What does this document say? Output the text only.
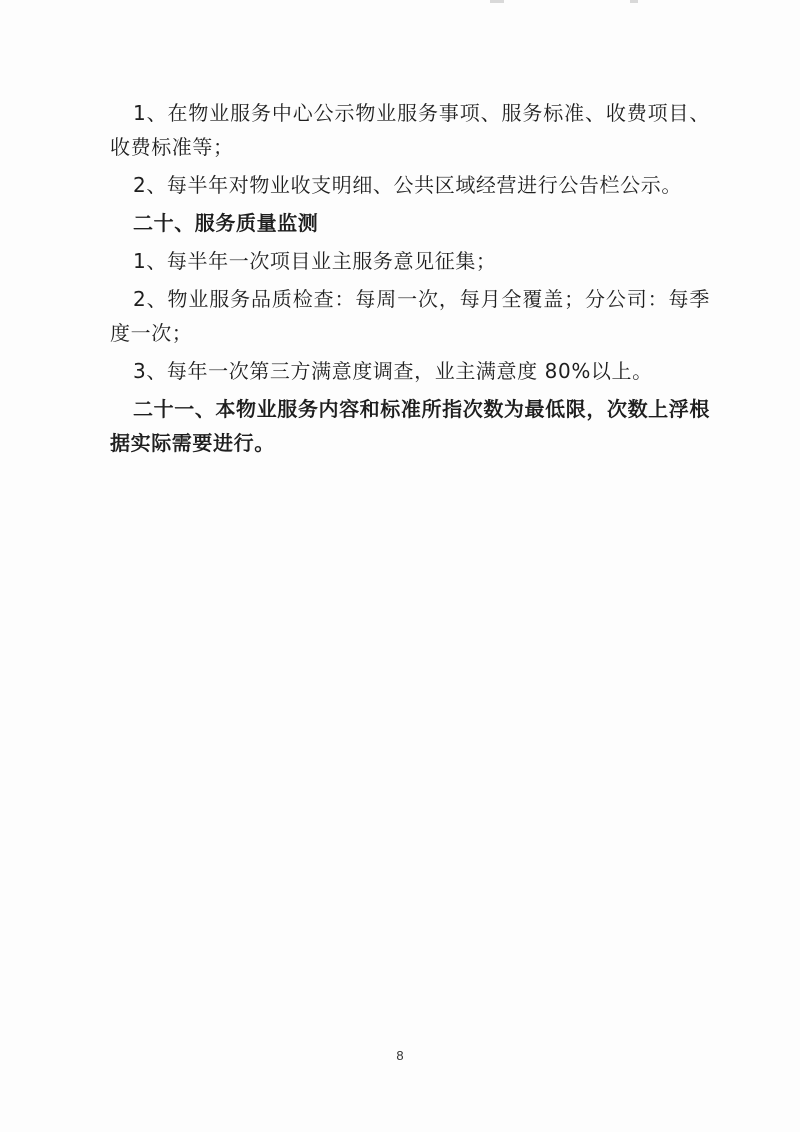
1、在物业服务中心公示物业服务事项、服务标准、收费项目、收费标准等；

2、每半年对物业收支明细、公共区域经营进行公告栏公示。

二十、服务质量监测

1、每半年一次项目业主服务意见征集；

2、物业服务品质检查：每周一次，每月全覆盖；分公司：每季度一次；

3、每年一次第三方满意度调查，业主满意度 80%以上。

二十一、本物业服务内容和标准所指次数为最低限，次数上浮根据实际需要进行。

8
